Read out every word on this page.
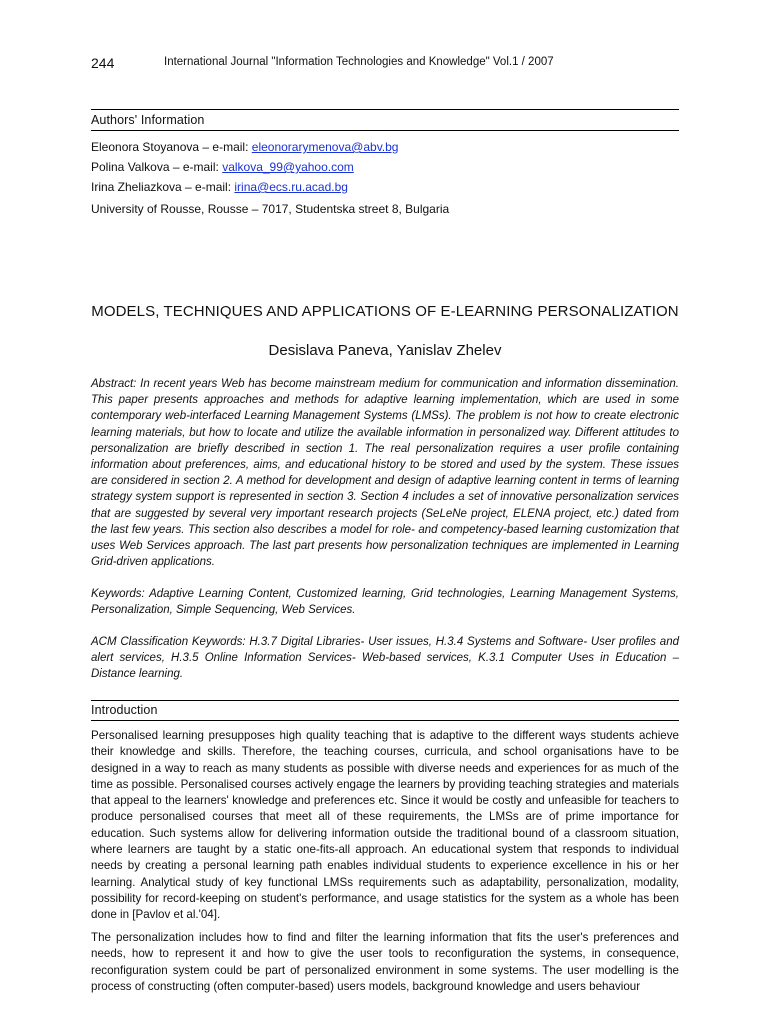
244	International Journal "Information Technologies and Knowledge" Vol.1 / 2007
Authors' Information
Eleonora Stoyanova – e-mail: eleonorarymenova@abv.bg
Polina Valkova – e-mail: valkova_99@yahoo.com
Irina Zheliazkova – e-mail: irina@ecs.ru.acad.bg
University of Rousse, Rousse – 7017, Studentska street 8, Bulgaria
MODELS, TECHNIQUES AND APPLICATIONS OF E-LEARNING PERSONALIZATION
Desislava Paneva, Yanislav Zhelev

Abstract: In recent years Web has become mainstream medium for communication and information dissemination. This paper presents approaches and methods for adaptive learning implementation, which are used in some contemporary web-interfaced Learning Management Systems (LMSs). The problem is not how to create electronic learning materials, but how to locate and utilize the available information in personalized way. Different attitudes to personalization are briefly described in section 1. The real personalization requires a user profile containing information about preferences, aims, and educational history to be stored and used by the system. These issues are considered in section 2. A method for development and design of adaptive learning content in terms of learning strategy system support is represented in section 3. Section 4 includes a set of innovative personalization services that are suggested by several very important research projects (SeLeNe project, ELENA project, etc.) dated from the last few years. This section also describes a model for role- and competency-based learning customization that uses Web Services approach. The last part presents how personalization techniques are implemented in Learning Grid-driven applications.

Keywords: Adaptive Learning Content, Customized learning, Grid technologies, Learning Management Systems, Personalization, Simple Sequencing, Web Services.

ACM Classification Keywords: H.3.7 Digital Libraries- User issues, H.3.4 Systems and Software- User profiles and alert services, H.3.5 Online Information Services- Web-based services, K.3.1 Computer Uses in Education – Distance learning.

Introduction

Personalised learning presupposes high quality teaching that is adaptive to the different ways students achieve their knowledge and skills. Therefore, the teaching courses, curricula, and school organisations have to be designed in a way to reach as many students as possible with diverse needs and experiences for as much of the time as possible. Personalised courses actively engage the learners by providing teaching strategies and materials that appeal to the learners' knowledge and preferences etc. Since it would be costly and unfeasible for teachers to produce personalised courses that meet all of these requirements, the LMSs are of prime importance for education. Such systems allow for delivering information outside the traditional bound of a classroom situation, where learners are taught by a static one-fits-all approach. An educational system that responds to individual needs by creating a personal learning path enables individual students to experience excellence in his or her learning. Analytical study of key functional LMSs requirements such as adaptability, personalization, modality, possibility for record-keeping on student's performance, and usage statistics for the system as a whole has been done in [Pavlov et al.'04].

The personalization includes how to find and filter the learning information that fits the user's preferences and needs, how to represent it and how to give the user tools to reconfiguration the systems, in consequence, reconfiguration system could be part of personalized environment in some systems. The user modelling is the process of constructing (often computer-based) users models, background knowledge and users behaviour
